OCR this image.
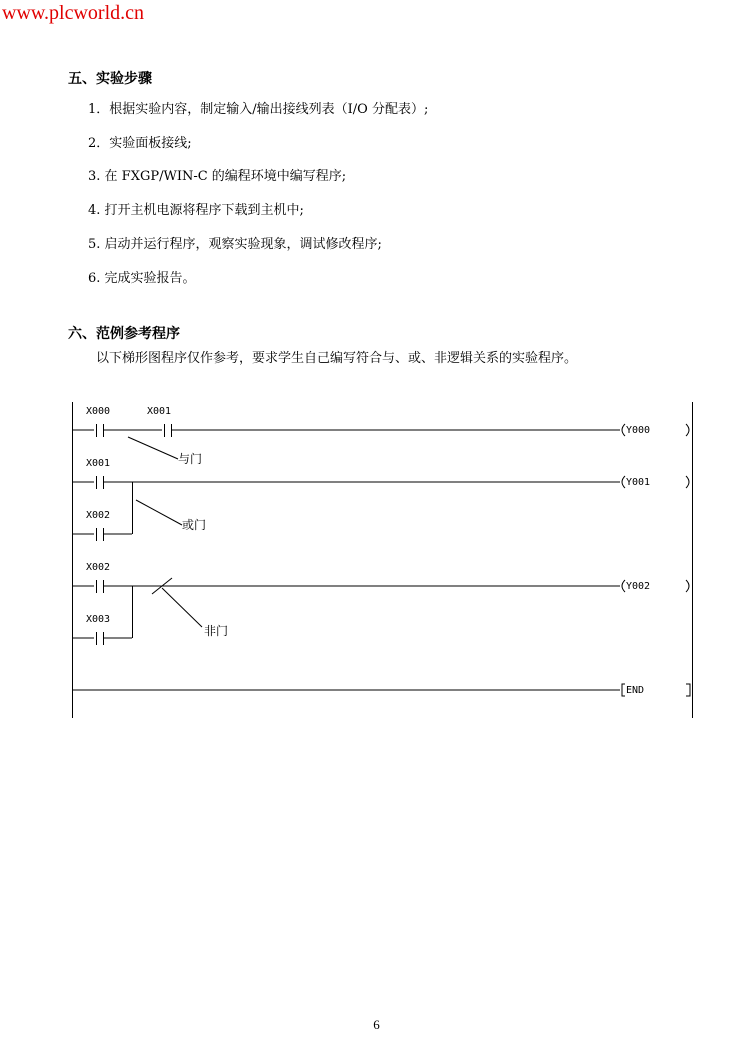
www.plcworld.cn
五、实验步骤
1．根据实验内容，制定输入/输出接线列表（I/O 分配表）;
2．实验面板接线;
3. 在 FXGP/WIN-C 的编程环境中编写程序;
4. 打开主机电源将程序下载到主机中;
5. 启动并运行程序，观察实验现象，调试修改程序;
6. 完成实验报告。
六、范例参考程序
以下梯形图程序仅作参考，要求学生自己编写符合与、或、非逻辑关系的实验程序。
X000	X001
X001
X002
X002
X003
Y000
Y001
Y002
END
与门
或门
非门
6
